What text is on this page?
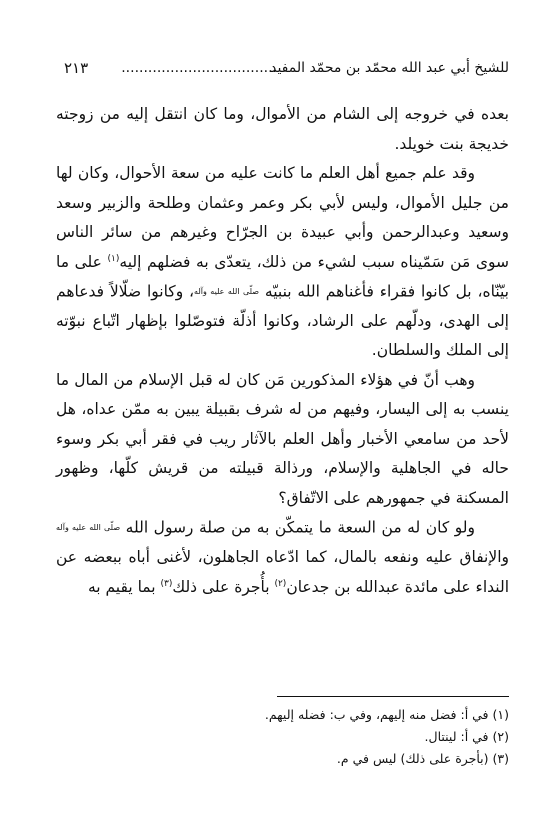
للشيخ أبي عبد الله محمّد بن محمّد المفيد
...................................
٢١٣

بعده في خروجه إلى الشام من الأموال، وما كان انتقل إليه من زوجته خديجة بنت خويلد.

وقد علم جميع أهل العلم ما كانت عليه من سعة الأحوال، وكان لها من جليل الأموال، وليس لأبي بكر وعمر وعثمان وطلحة والزبير وسعد وسعيد وعبدالرحمن وأبي عبيدة بن الجرّاح وغيرهم من سائر الناس سوى مَن سَمّيناه سبب لشيء من ذلك، يتعدّى به فضلهم إليه$^{(١)}$ على ما بيّنّاه، بل كانوا فقراء فأغناهم الله بنبيّه صلّى الله عليه وآله، وكانوا ضلّالاً فدعاهم إلى الهدى، ودلّهم على الرشاد، وكانوا أذلّة فتوصّلوا بإظهار اتّباع نبوّته إلى الملك والسلطان.

وهب أنّ في هؤلاء المذكورين مَن كان له قبل الإسلام من المال ما ينسب به إلى اليسار، وفيهم من له شرف بقبيلة يبين به ممّن عداه، هل لأحد من سامعي الأخبار وأهل العلم بالآثار ريب في فقر أبي بكر وسوء حاله في الجاهلية والإسلام، ورذالة قبيلته من قريش كلّها، وظهور المسكنة في جمهورهم على الاتّفاق؟

ولو كان له من السعة ما يتمكّن به من صلة رسول الله صلّى الله عليه وآله والإنفاق عليه ونفعه بالمال، كما ادّعاه الجاهلون، لأغنى أباه ببعضه عن النداء على مائدة عبدالله بن جدعان$^{(٢)}$ بأُجرة على ذلك$^{(٣)}$ بما يقيم به

(١) في أ: فضل منه إليهم، وفي ب: فضله إليهم.
(٢) في أ: لينتال.
(٣) (بأجرة على ذلك) ليس في م.
